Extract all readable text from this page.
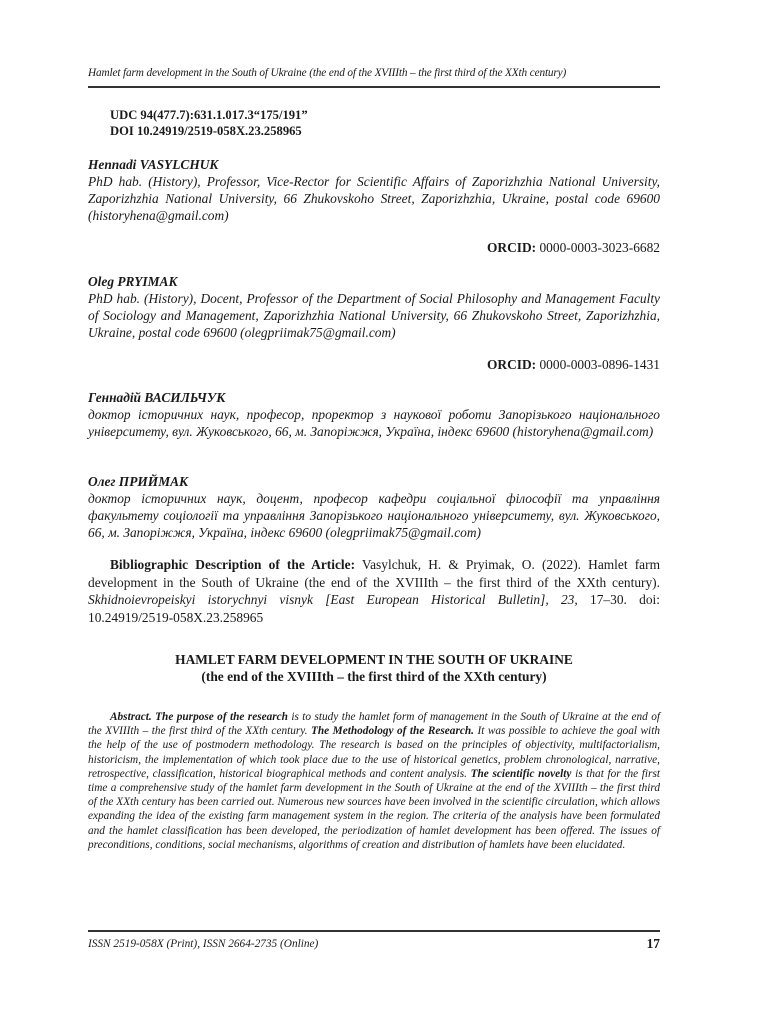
Hamlet farm development in the South of Ukraine (the end of the XVIIIth – the first third of the XXth century)
UDC 94(477.7):631.1.017.3“175/191”
DOI 10.24919/2519-058X.23.258965
Hennadi VASYLCHUK
PhD hab. (History), Professor, Vice-Rector for Scientific Affairs of Zaporizhzhia National University, Zaporizhzhia National University, 66 Zhukovskoho Street, Zaporizhzhia, Ukraine, postal code 69600 (historyhena@gmail.com)
ORCID: 0000-0003-3023-6682
Oleg PRYIMAK
PhD hab. (History), Docent, Professor of the Department of Social Philosophy and Management Faculty of Sociology and Management, Zaporizhzhia National University, 66 Zhukovskoho Street, Zaporizhzhia, Ukraine, postal code 69600 (olegpriimak75@gmail.com)
ORCID: 0000-0003-0896-1431
Геннадій ВАСИЛЬЧУК
доктор історичних наук, професор, проректор з наукової роботи Запорізького національного університету, вул. Жуковського, 66, м. Запоріжжя, Україна, індекс 69600 (historyhena@gmail.com)
Олег ПРИЙМАК
доктор історичних наук, доцент, професор кафедри соціальної філософії та управління факультету соціології та управління Запорізького національного університету, вул. Жуковського, 66, м. Запоріжжя, Україна, індекс 69600 (olegpriimak75@gmail.com)
Bibliographic Description of the Article: Vasylchuk, H. & Pryimak, O. (2022). Hamlet farm development in the South of Ukraine (the end of the XVIIIth – the first third of the XXth century). Skhidnoievropeiskyi istorychnyi visnyk [East European Historical Bulletin], 23, 17–30. doi: 10.24919/2519-058X.23.258965
HAMLET FARM DEVELOPMENT IN THE SOUTH OF UKRAINE
(the end of the XVIIIth – the first third of the XXth century)
Abstract. The purpose of the research is to study the hamlet form of management in the South of Ukraine at the end of the XVIIIth – the first third of the XXth century. The Methodology of the Research. It was possible to achieve the goal with the help of the use of postmodern methodology. The research is based on the principles of objectivity, multifactorialism, historicism, the implementation of which took place due to the use of historical genetics, problem chronological, narrative, retrospective, classification, historical biographical methods and content analysis. The scientific novelty is that for the first time a comprehensive study of the hamlet farm development in the South of Ukraine at the end of the XVIIIth – the first third of the XXth century has been carried out. Numerous new sources have been involved in the scientific circulation, which allows expanding the idea of the existing farm management system in the region. The criteria of the analysis have been formulated and the hamlet classification has been developed, the periodization of hamlet development has been offered. The issues of preconditions, conditions, social mechanisms, algorithms of creation and distribution of hamlets have been elucidated.
ISSN 2519-058X (Print), ISSN 2664-2735 (Online)	17
